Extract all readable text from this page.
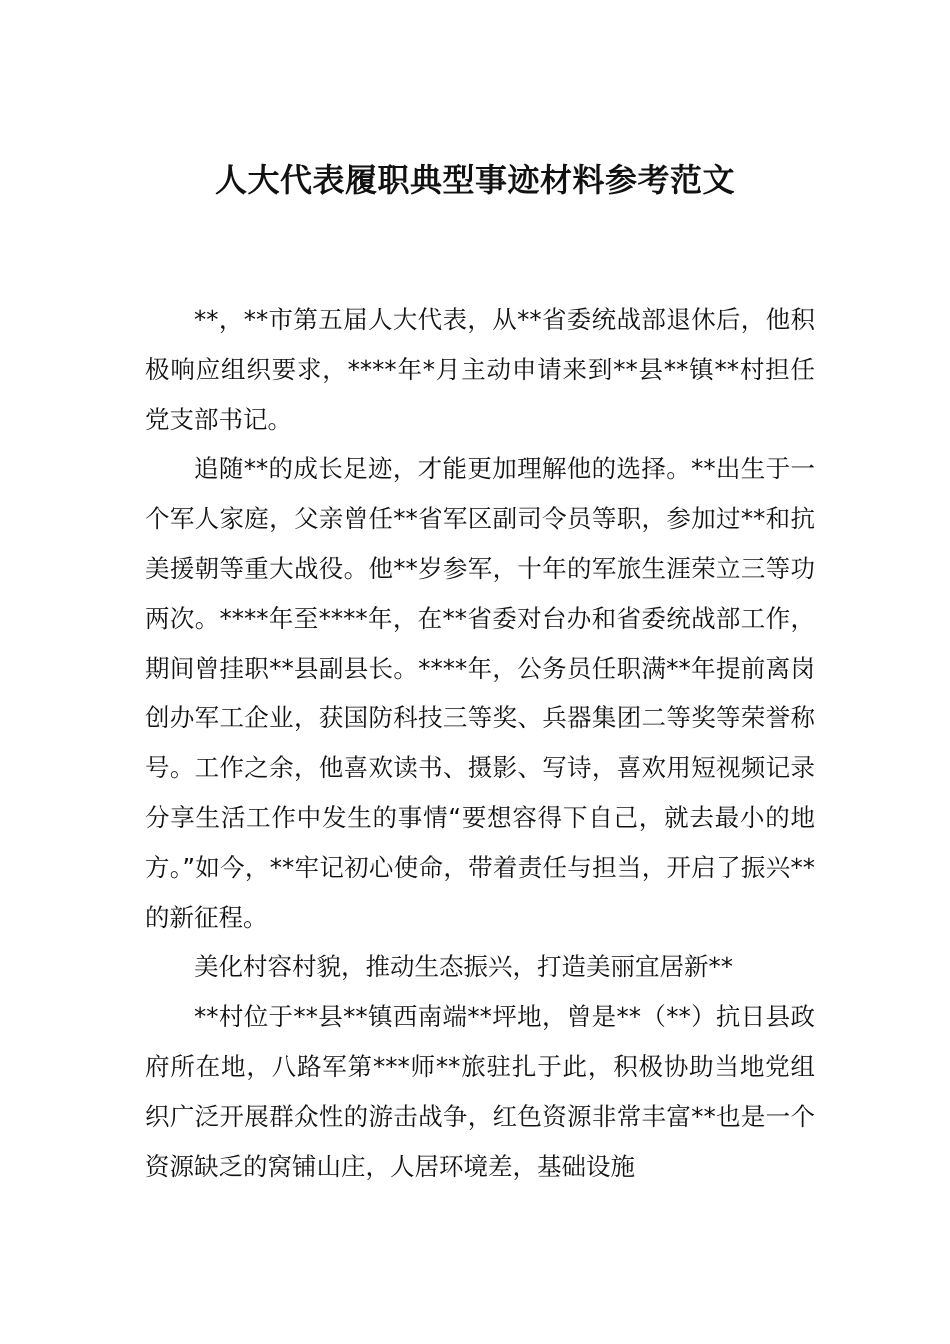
人大代表履职典型事迹材料参考范文

**，**市第五届人大代表，从**省委统战部退休后，他积极响应组织要求，****年*月主动申请来到**县**镇**村担任党支部书记。

追随**的成长足迹，才能更加理解他的选择。**出生于一个军人家庭，父亲曾任**省军区副司令员等职，参加过**和抗美援朝等重大战役。他**岁参军，十年的军旅生涯荣立三等功两次。****年至****年，在**省委对台办和省委统战部工作，期间曾挂职**县副县长。****年，公务员任职满**年提前离岗创办军工企业，获国防科技三等奖、兵器集团二等奖等荣誉称号。工作之余，他喜欢读书、摄影、写诗，喜欢用短视频记录分享生活工作中发生的事情“要想容得下自己，就去最小的地方。”如今，**牢记初心使命，带着责任与担当，开启了振兴**的新征程。

美化村容村貌，推动生态振兴，打造美丽宜居新**

**村位于**县**镇西南端**坪地，曾是**（**）抗日县政府所在地，八路军第***师**旅驻扎于此，积极协助当地党组织广泛开展群众性的游击战争，红色资源非常丰富**也是一个资源缺乏的窝铺山庄，人居环境差，基础设施
